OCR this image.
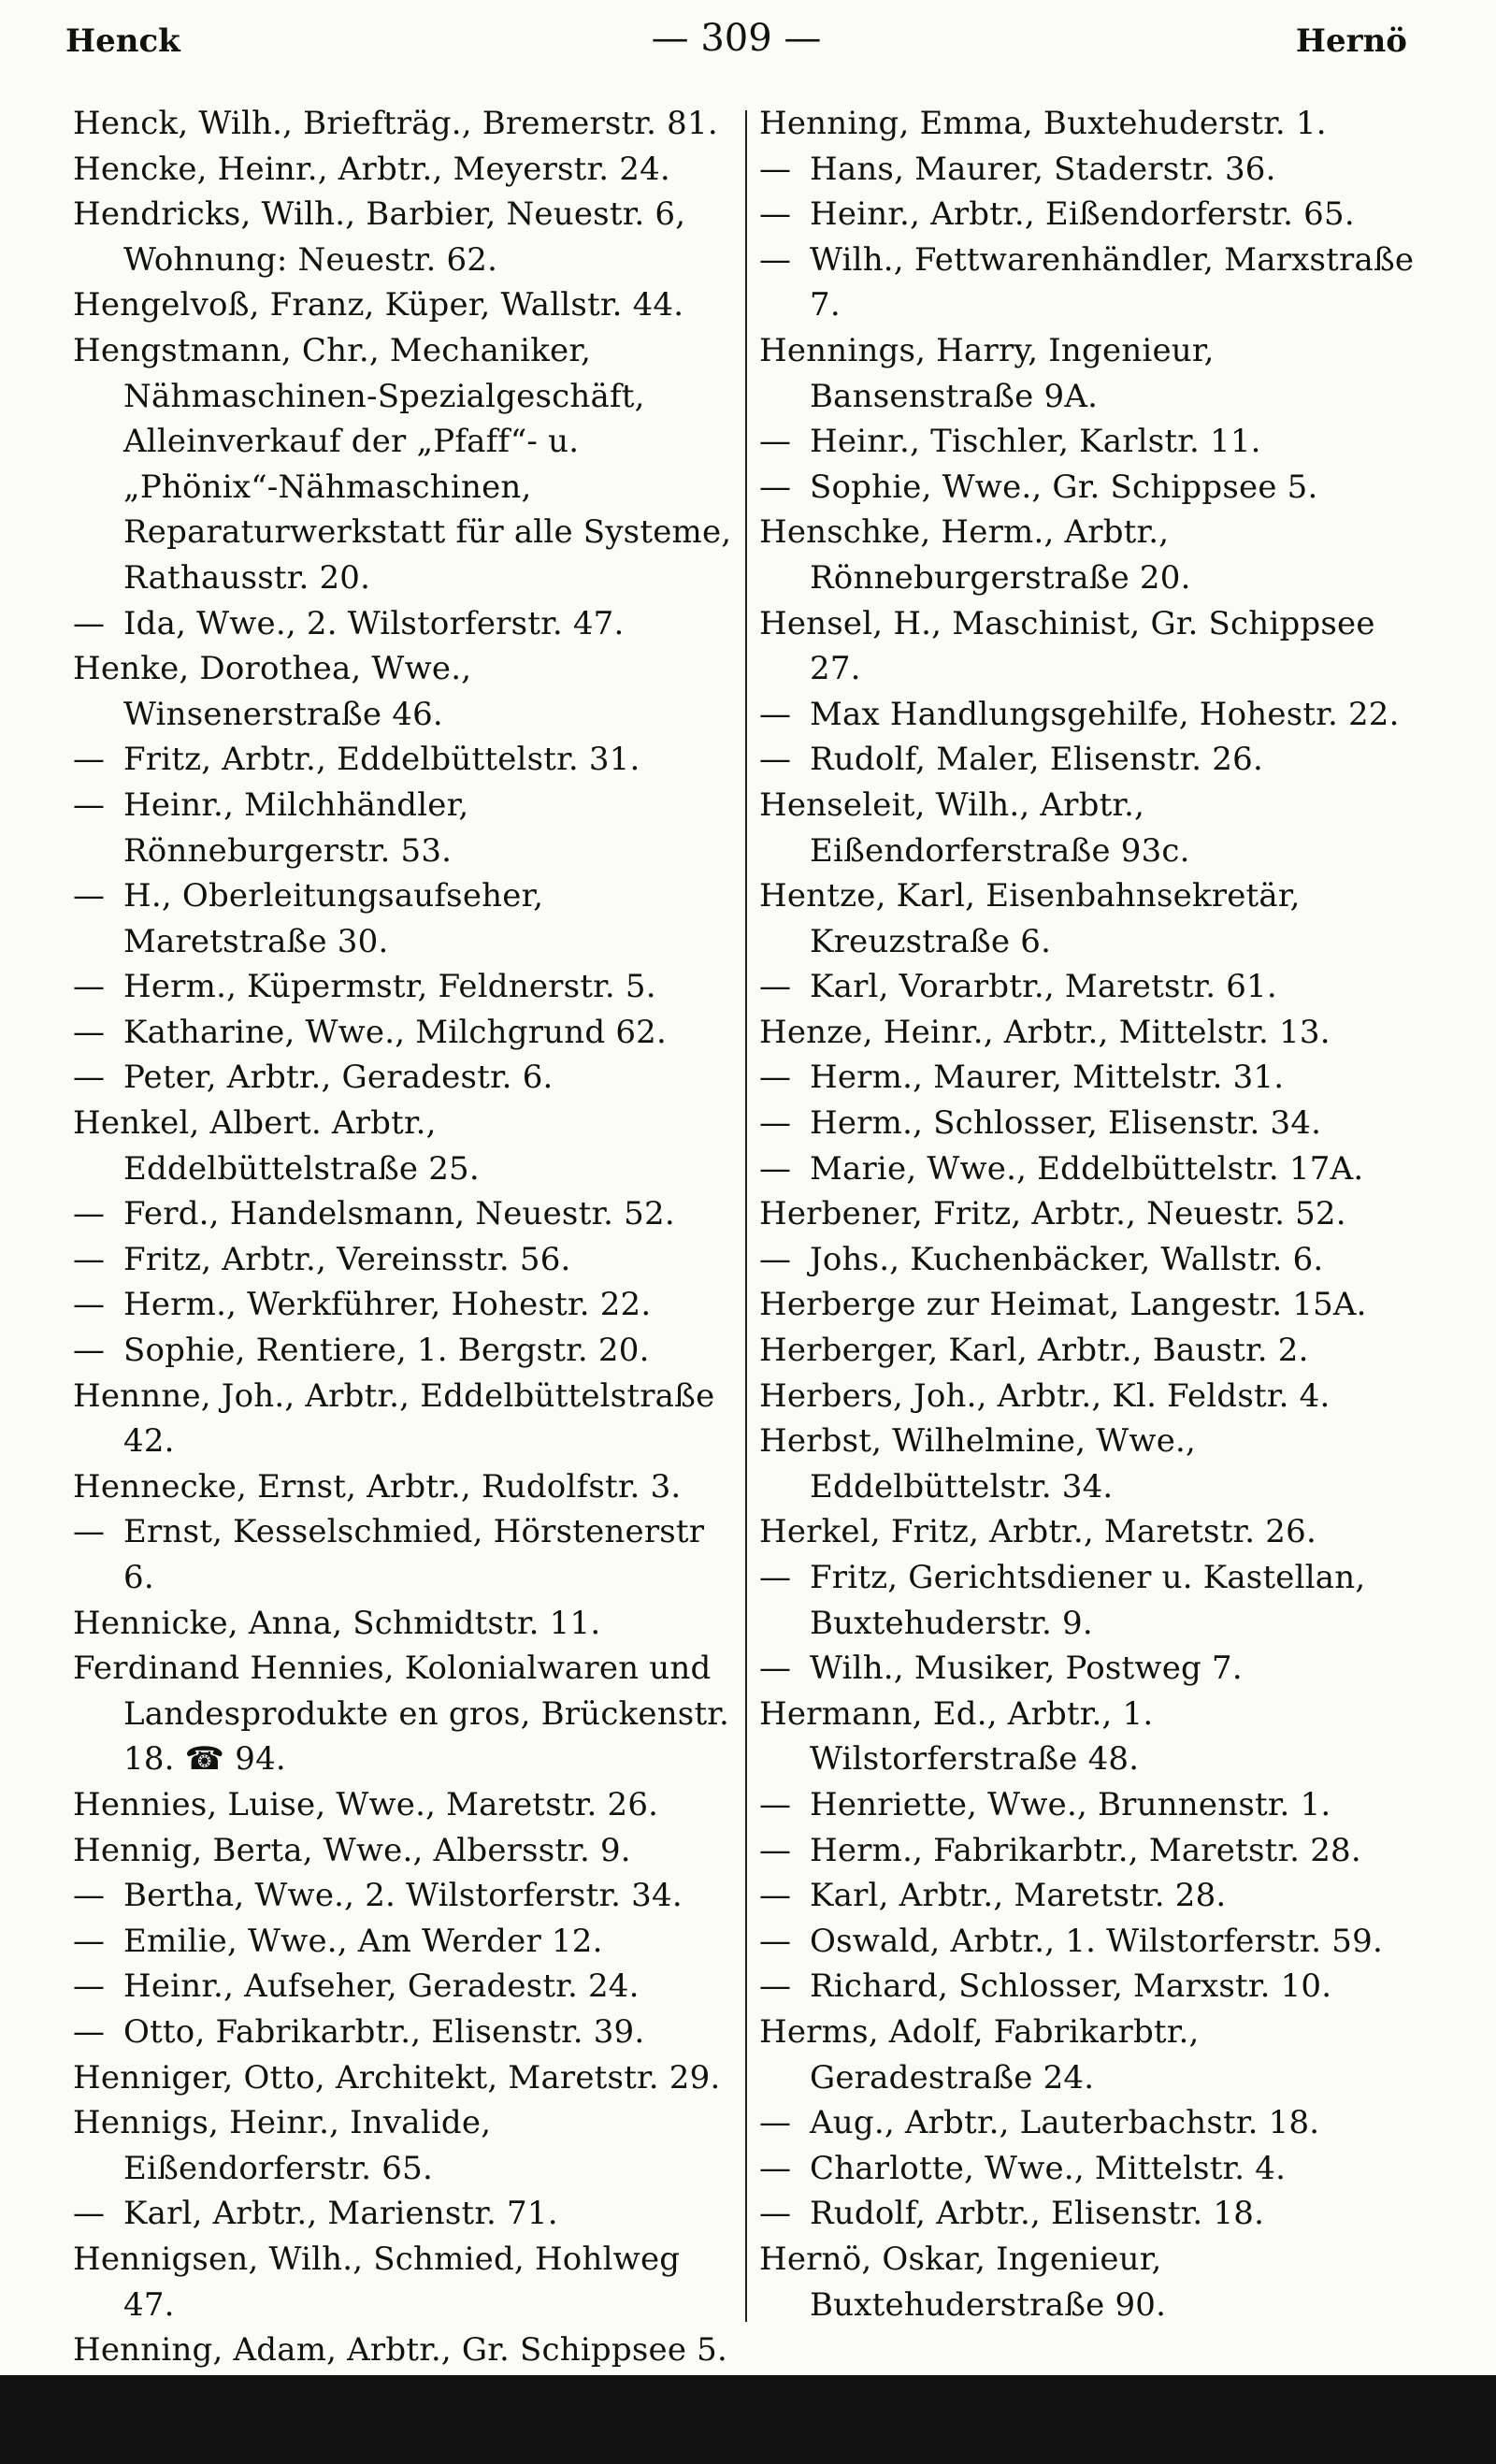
Henck	— 309 —	Hernö
Henck, Wilh., Briefträg., Bremerstr. 81.
Hencke, Heinr., Arbtr., Meyerstr. 24.
Hendricks, Wilh., Barbier, Neuestr. 6, Wohnung: Neuestr. 62.
Hengelvoß, Franz, Küper, Wallstr. 44.
Hengstmann, Chr., Mechaniker, Nähmaschinen-Spezialgeschäft, Alleinverkauf der „Pfaff“- u. „Phönix“-Nähmaschinen, Reparaturwerkstatt für alle Systeme, Rathausstr. 20.
— Ida, Wwe., 2. Wilstorferstr. 47.
Henke, Dorothea, Wwe., Winsenerstraße 46.
— Fritz, Arbtr., Eddelbüttelstr. 31.
— Heinr., Milchhändler, Rönneburgerstr. 53.
— H., Oberleitungsaufseher, Maretstraße 30.
— Herm., Küpermstr, Feldnerstr. 5.
— Katharine, Wwe., Milchgrund 62.
— Peter, Arbtr., Geradestr. 6.
Henkel, Albert. Arbtr., Eddelbüttelstraße 25.
— Ferd., Handelsmann, Neuestr. 52.
— Fritz, Arbtr., Vereinsstr. 56.
— Herm., Werkführer, Hohestr. 22.
— Sophie, Rentiere, 1. Bergstr. 20.
Hennne, Joh., Arbtr., Eddelbüttelstraße 42.
Hennecke, Ernst, Arbtr., Rudolfstr. 3.
— Ernst, Kesselschmied, Hörstenerstr 6.
Hennicke, Anna, Schmidtstr. 11.
Ferdinand Hennies, Kolonialwaren und Landesprodukte en gros, Brückenstr. 18. ☎ 94.
Hennies, Luise, Wwe., Maretstr. 26.
Hennig, Berta, Wwe., Albersstr. 9.
— Bertha, Wwe., 2. Wilstorferstr. 34.
— Emilie, Wwe., Am Werder 12.
— Heinr., Aufseher, Geradestr. 24.
— Otto, Fabrikarbtr., Elisenstr. 39.
Henniger, Otto, Architekt, Maretstr. 29.
Hennigs, Heinr., Invalide, Eißendorferstr. 65.
— Karl, Arbtr., Marienstr. 71.
Hennigsen, Wilh., Schmied, Hohlweg 47.
Henning, Adam, Arbtr., Gr. Schippsee 5.
Henning, Emma, Buxtehuderstr. 1.
— Hans, Maurer, Staderstr. 36.
— Heinr., Arbtr., Eißendorferstr. 65.
— Wilh., Fettwarenhändler, Marxstraße 7.
Hennings, Harry, Ingenieur, Bansenstraße 9A.
— Heinr., Tischler, Karlstr. 11.
— Sophie, Wwe., Gr. Schippsee 5.
Henschke, Herm., Arbtr., Rönneburgerstraße 20.
Hensel, H., Maschinist, Gr. Schippsee 27.
— Max Handlungsgehilfe, Hohestr. 22.
— Rudolf, Maler, Elisenstr. 26.
Henseleit, Wilh., Arbtr., Eißendorferstraße 93c.
Hentze, Karl, Eisenbahnsekretär, Kreuzstraße 6.
— Karl, Vorarbtr., Maretstr. 61.
Henze, Heinr., Arbtr., Mittelstr. 13.
— Herm., Maurer, Mittelstr. 31.
— Herm., Schlosser, Elisenstr. 34.
— Marie, Wwe., Eddelbüttelstr. 17A.
Herbener, Fritz, Arbtr., Neuestr. 52.
— Johs., Kuchenbäcker, Wallstr. 6.
Herberge zur Heimat, Langestr. 15A.
Herberger, Karl, Arbtr., Baustr. 2.
Herbers, Joh., Arbtr., Kl. Feldstr. 4.
Herbst, Wilhelmine, Wwe., Eddelbüttelstr. 34.
Herkel, Fritz, Arbtr., Maretstr. 26.
— Fritz, Gerichtsdiener u. Kastellan, Buxtehuderstr. 9.
— Wilh., Musiker, Postweg 7.
Hermann, Ed., Arbtr., 1. Wilstorferstraße 48.
— Henriette, Wwe., Brunnenstr. 1.
— Herm., Fabrikarbtr., Maretstr. 28.
— Karl, Arbtr., Maretstr. 28.
— Oswald, Arbtr., 1. Wilstorferstr. 59.
— Richard, Schlosser, Marxstr. 10.
Herms, Adolf, Fabrikarbtr., Geradestraße 24.
— Aug., Arbtr., Lauterbachstr. 18.
— Charlotte, Wwe., Mittelstr. 4.
— Rudolf, Arbtr., Elisenstr. 18.
Hernö, Oskar, Ingenieur, Buxtehuderstraße 90.
